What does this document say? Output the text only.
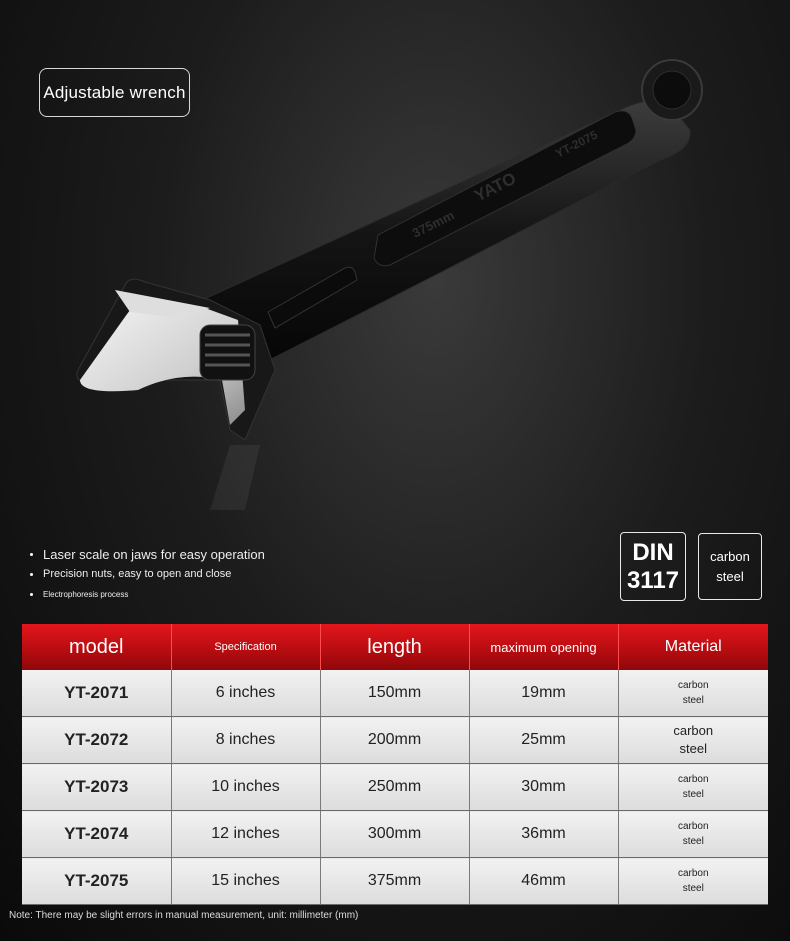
Adjustable wrench
375mm
YATO
YT-2075
Laser scale on jaws for easy operation
Precision nuts, easy to open and close
Electrophoresis process
DIN
3117
carbon
steel
model	Specification	length	maximum opening	Material
YT-2071	6 inches	150mm	19mm	carbon
steel
YT-2072	8 inches	200mm	25mm	carbon
steel
YT-2073	10 inches	250mm	30mm	carbon
steel
YT-2074	12 inches	300mm	36mm	carbon
steel
YT-2075	15 inches	375mm	46mm	carbon
steel
Note: There may be slight errors in manual measurement, unit: millimeter (mm)
